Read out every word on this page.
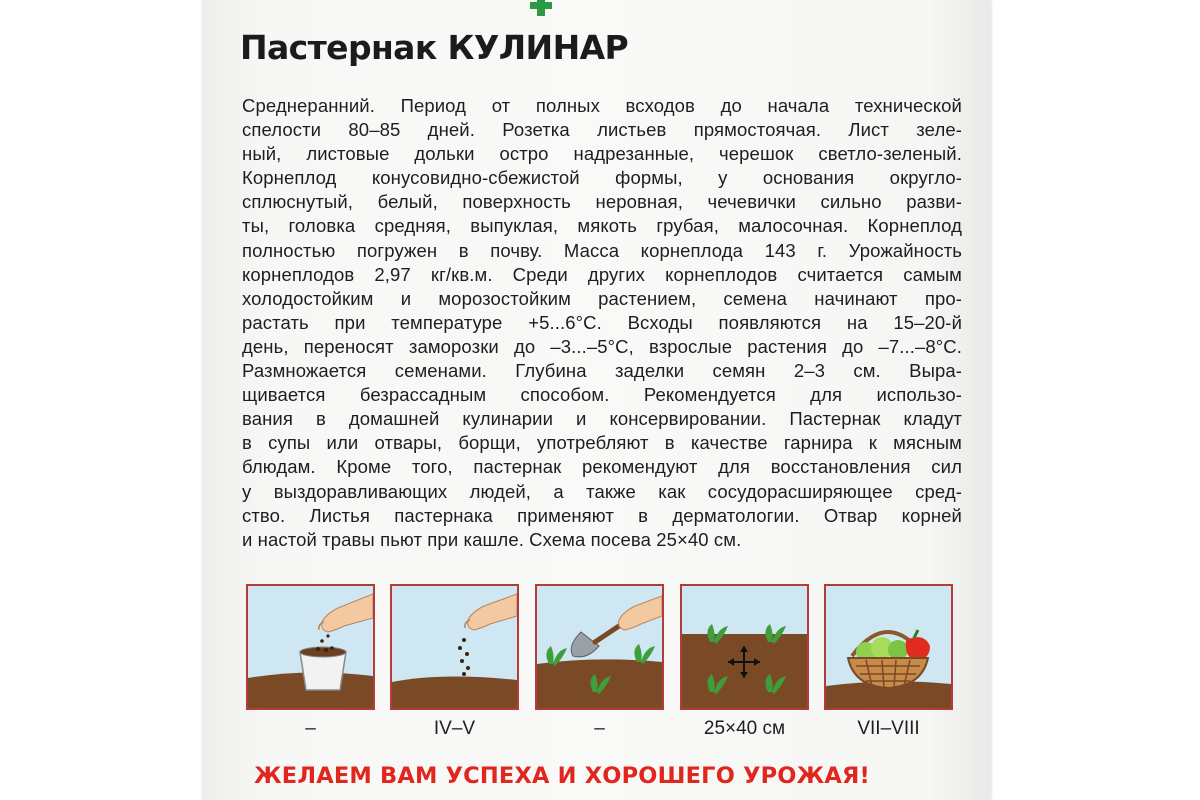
Пастернак КУЛИНАР
Среднеранний. Период от полных всходов до начала технической
спелости 80–85 дней. Розетка листьев прямостоячая. Лист зеле-
ный, листовые дольки остро надрезанные, черешок светло-зеленый.
Корнеплод конусовидно-сбежистой формы, у основания округло-
сплюснутый, белый, поверхность неровная, чечевички сильно разви-
ты, головка средняя, выпуклая, мякоть грубая, малосочная. Корнеплод
полностью погружен в почву. Масса корнеплода 143 г. Урожайность
корнеплодов 2,97 кг/кв.м. Среди других корнеплодов считается самым
холодостойким и морозостойким растением, семена начинают про-
растать при температуре +5...6°С. Всходы появляются на 15–20-й
день, переносят заморозки до –3...–5°С, взрослые растения до –7...–8°С.
Размножается семенами. Глубина заделки семян 2–3 см. Выра-
щивается безрассадным способом. Рекомендуется для использо-
вания в домашней кулинарии и консервировании. Пастернак кладут
в супы или отвары, борщи, употребляют в качестве гарнира к мясным
блюдам. Кроме того, пастернак рекомендуют для восстановления сил
у выздоравливающих людей, а также как сосудорасширяющее сред-
ство. Листья пастернака применяют в дерматологии. Отвар корней
и настой травы пьют при кашле. Схема посева 25×40 см.
–	IV–V	–	25×40 см	VII–VIII
ЖЕЛАЕМ ВАМ УСПЕХА И ХОРОШЕГО УРОЖАЯ!
